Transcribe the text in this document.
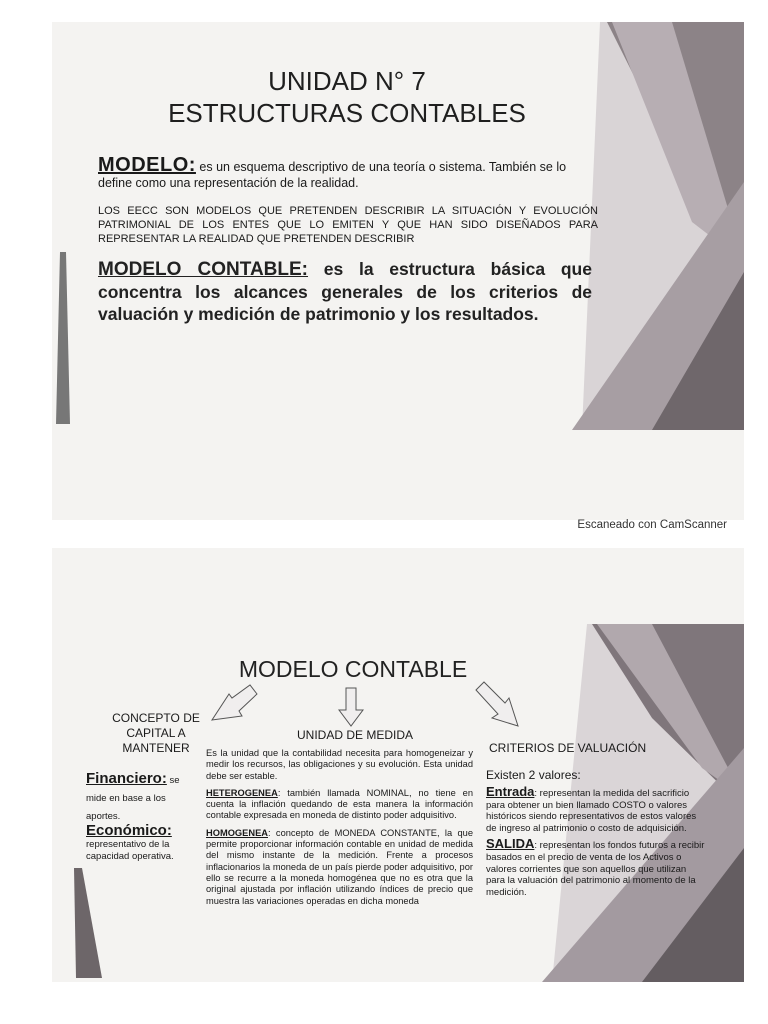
UNIDAD N° 7
ESTRUCTURAS CONTABLES
MODELO: es un esquema descriptivo de una teoría o sistema. También se lo define como una representación de la realidad.
LOS EECC SON MODELOS QUE PRETENDEN DESCRIBIR LA SITUACIÓN Y EVOLUCIÓN PATRIMONIAL DE LOS ENTES QUE LO EMITEN Y QUE HAN SIDO DISEÑADOS PARA REPRESENTAR LA REALIDAD QUE PRETENDEN DESCRIBIR
MODELO CONTABLE: es la estructura básica que concentra los alcances generales de los criterios de valuación y medición de patrimonio y los resultados.
Escaneado con CamScanner
MODELO CONTABLE
CONCEPTO DE CAPITAL A MANTENER
Financiero: se mide en base a los aportes.
Económico:
representativo de la capacidad operativa.
UNIDAD DE MEDIDA

Es la unidad que la contabilidad necesita para homogeneizar y medir los recursos, las obligaciones y su evolución. Esta unidad debe ser estable.

HETEROGENEA: también llamada NOMINAL, no tiene en cuenta la inflación quedando de esta manera la información contable expresada en moneda de distinto poder adquisitivo.

HOMOGENEA: concepto de MONEDA CONSTANTE, la que permite proporcionar información contable en unidad de medida del mismo instante de la medición. Frente a procesos inflacionarios la moneda de un país pierde poder adquisitivo, por ello se recurre a la moneda homogénea que no es otra que la original ajustada por inflación utilizando índices de precio que muestra las variaciones operadas en dicha moneda

CRITERIOS DE VALUACIÓN
Existen 2 valores:

Entrada: representan la medida del sacrificio para obtener un bien llamado COSTO o valores históricos siendo representativos de estos valores de ingreso al patrimonio o costo de adquisición.

SALIDA: representan los fondos futuros a recibir basados en el precio de venta de los Activos o valores corrientes que son aquellos que utilizan para la valuación del patrimonio al momento de la medición.
